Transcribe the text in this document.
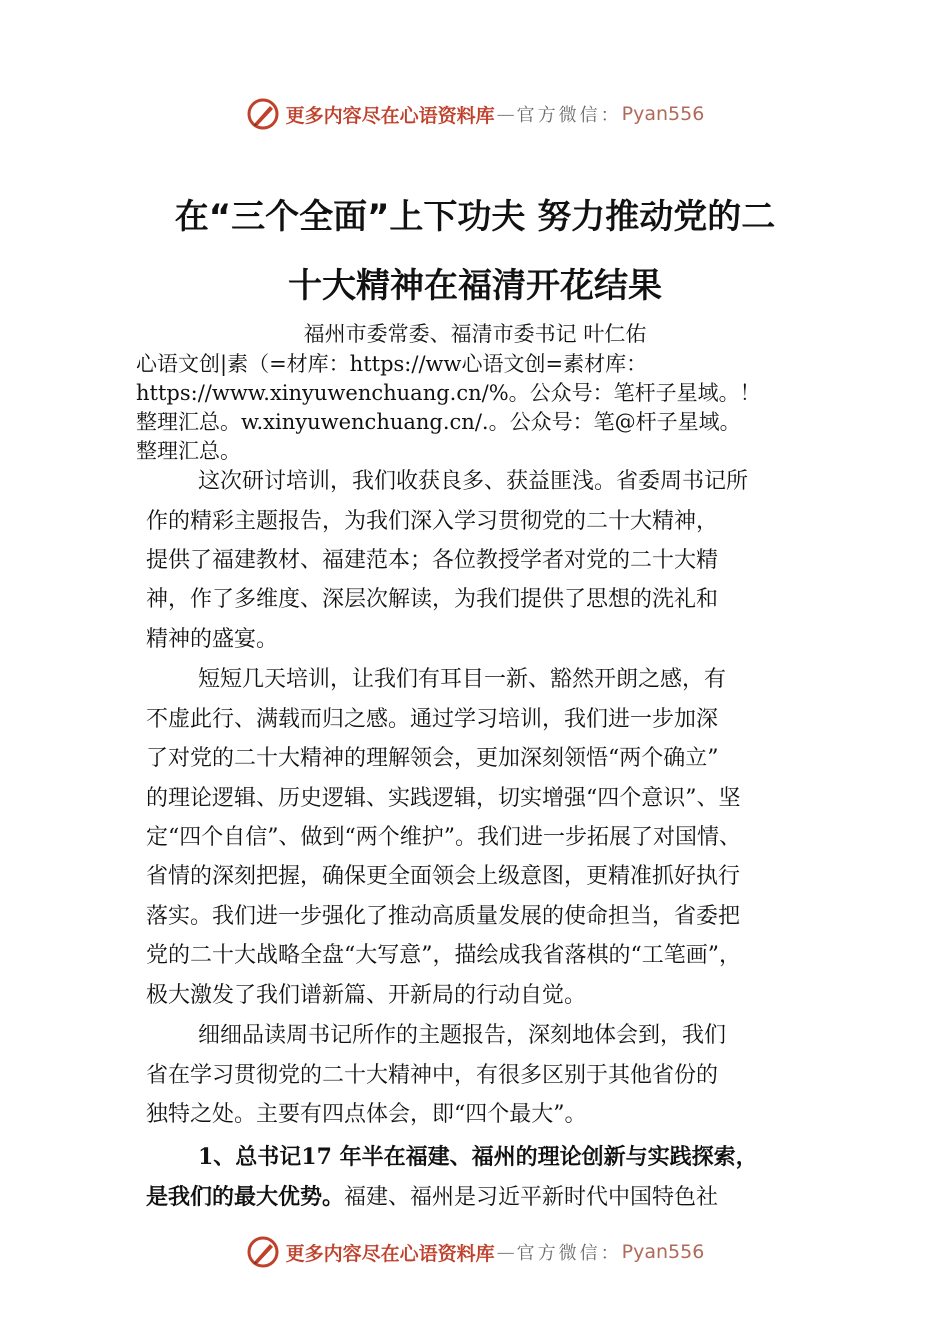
更多内容尽在心语资料库 — 官方微信： Pyan556
在“三个全面”上下功夫 努力推动党的二
十大精神在福清开花结果
福州市委常委、福清市委书记 叶仁佑
心语文创|素（=材库：https://ww心语文创=素材库：
https://www.xinyuwenchuang.cn/%。公众号：笔杆子星域。！
整理汇总。w.xinyuwenchuang.cn/.。公众号：笔@杆子星域。
整理汇总。
这次研讨培训，我们收获良多、获益匪浅。省委周书记所
作的精彩主题报告，为我们深入学习贯彻党的二十大精神，
提供了福建教材、福建范本；各位教授学者对党的二十大精
神，作了多维度、深层次解读，为我们提供了思想的洗礼和
精神的盛宴。
短短几天培训，让我们有耳目一新、豁然开朗之感，有
不虚此行、满载而归之感。通过学习培训，我们进一步加深
了对党的二十大精神的理解领会，更加深刻领悟“两个确立”
的理论逻辑、历史逻辑、实践逻辑，切实增强“四个意识”、坚
定“四个自信”、做到“两个维护”。我们进一步拓展了对国情、
省情的深刻把握，确保更全面领会上级意图，更精准抓好执行
落实。我们进一步强化了推动高质量发展的使命担当，省委把
党的二十大战略全盘“大写意”，描绘成我省落棋的“工笔画”，
极大激发了我们谱新篇、开新局的行动自觉。
细细品读周书记所作的主题报告，深刻地体会到，我们
省在学习贯彻党的二十大精神中，有很多区别于其他省份的
独特之处。主要有四点体会，即“四个最大”。
1、总书记17 年半在福建、福州的理论创新与实践探索，
是我们的最大优势。福建、福州是习近平新时代中国特色社
更多内容尽在心语资料库 — 官方微信： Pyan556
